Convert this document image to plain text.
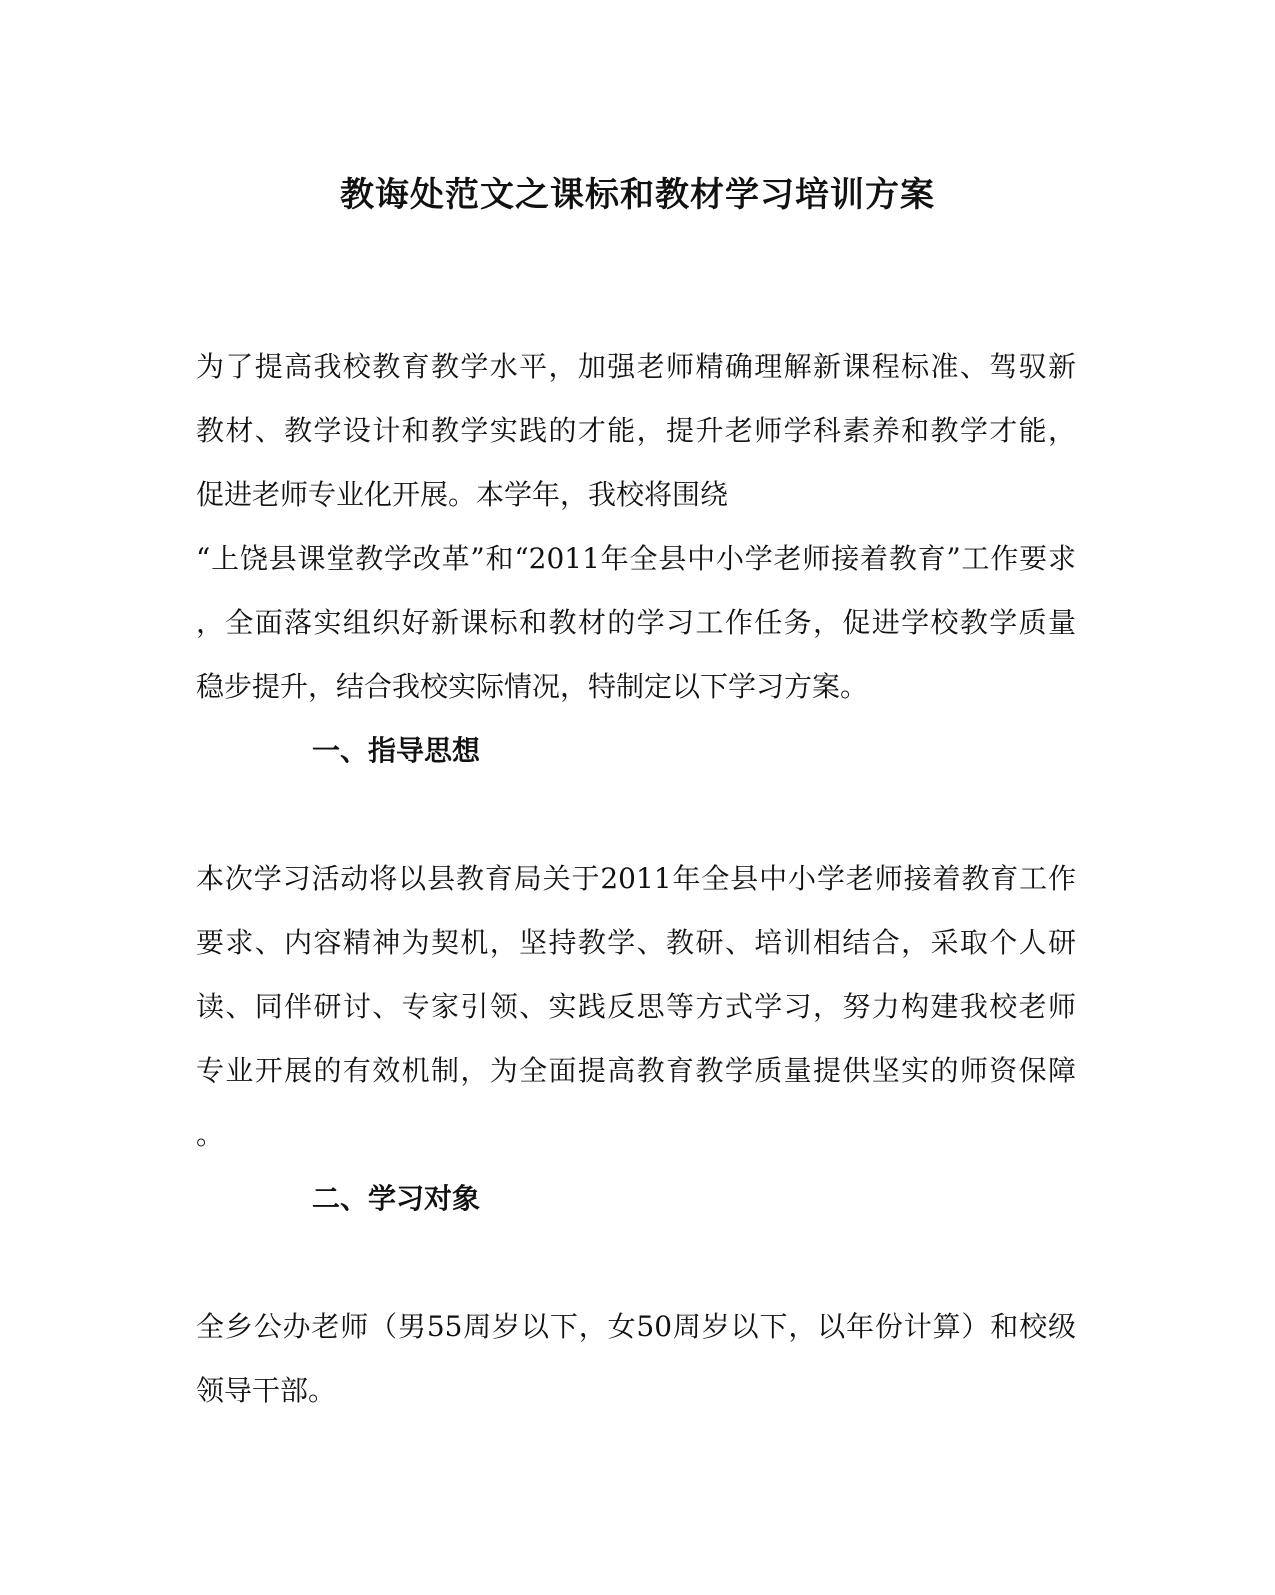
教诲处范文之课标和教材学习培训方案

为了提高我校教育教学水平，加强老师精确理解新课程标准、驾驭新

教材、教学设计和教学实践的才能，提升老师学科素养和教学才能，

促进老师专业化开展。本学年，我校将围绕

“上饶县课堂教学改革”和“2011年全县中小学老师接着教育”工作要求

，全面落实组织好新课标和教材的学习工作任务，促进学校教学质量

稳步提升，结合我校实际情况，特制定以下学习方案。

一、指导思想

本次学习活动将以县教育局关于2011年全县中小学老师接着教育工作

要求、内容精神为契机，坚持教学、教研、培训相结合，采取个人研

读、同伴研讨、专家引领、实践反思等方式学习，努力构建我校老师

专业开展的有效机制，为全面提高教育教学质量提供坚实的师资保障

。

二、学习对象

全乡公办老师（男55周岁以下，女50周岁以下，以年份计算）和校级

领导干部。
